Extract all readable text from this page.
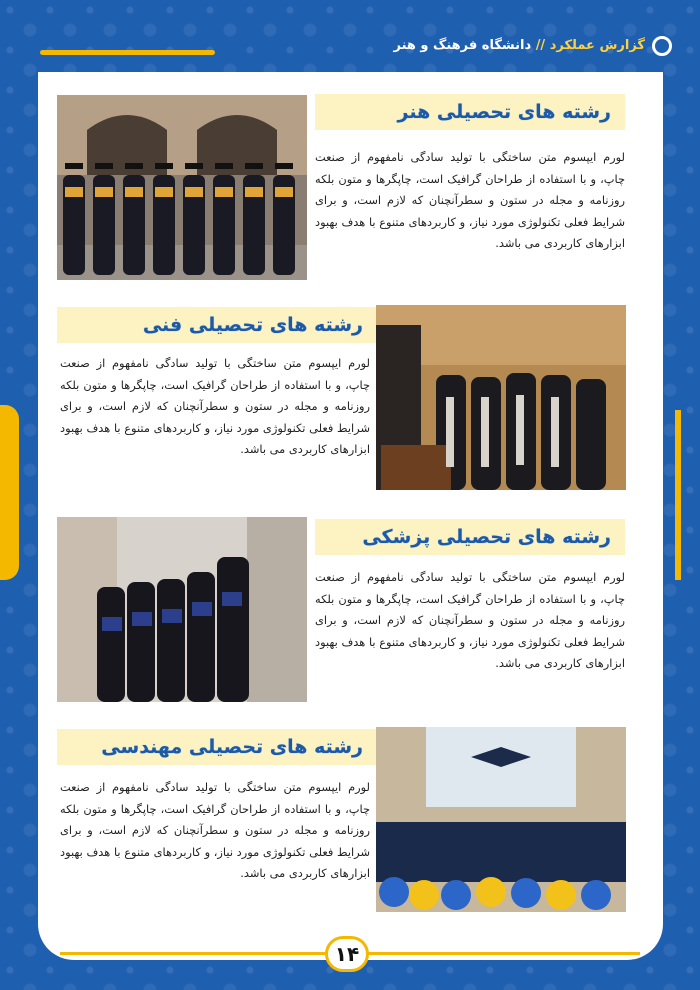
گزارش عملکرد // دانشگاه فرهنگ و هنر
رشته های تحصیلی هنر
لورم ایپسوم متن ساختگی با تولید سادگی نامفهوم از صنعت چاپ، و با استفاده از طراحان گرافیک است، چاپگرها و متون بلکه روزنامه و مجله در ستون و سطرآنچنان که لازم است، و برای شرایط فعلی تکنولوژی مورد نیاز، و کاربردهای متنوع با هدف بهبود ابزارهای کاربردی می باشد.
رشته های تحصیلی فنی
لورم ایپسوم متن ساختگی با تولید سادگی نامفهوم از صنعت چاپ، و با استفاده از طراحان گرافیک است، چاپگرها و متون بلکه روزنامه و مجله در ستون و سطرآنچنان که لازم است، و برای شرایط فعلی تکنولوژی مورد نیاز، و کاربردهای متنوع با هدف بهبود ابزارهای کاربردی می باشد.
رشته های تحصیلی پزشکی
لورم ایپسوم متن ساختگی با تولید سادگی نامفهوم از صنعت چاپ، و با استفاده از طراحان گرافیک است، چاپگرها و متون بلکه روزنامه و مجله در ستون و سطرآنچنان که لازم است، و برای شرایط فعلی تکنولوژی مورد نیاز، و کاربردهای متنوع با هدف بهبود ابزارهای کاربردی می باشد.
رشته های تحصیلی مهندسی
لورم ایپسوم متن ساختگی با تولید سادگی نامفهوم از صنعت چاپ، و با استفاده از طراحان گرافیک است، چاپگرها و متون بلکه روزنامه و مجله در ستون و سطرآنچنان که لازم است، و برای شرایط فعلی تکنولوژی مورد نیاز، و کاربردهای متنوع با هدف بهبود ابزارهای کاربردی می باشد.
۱۴
